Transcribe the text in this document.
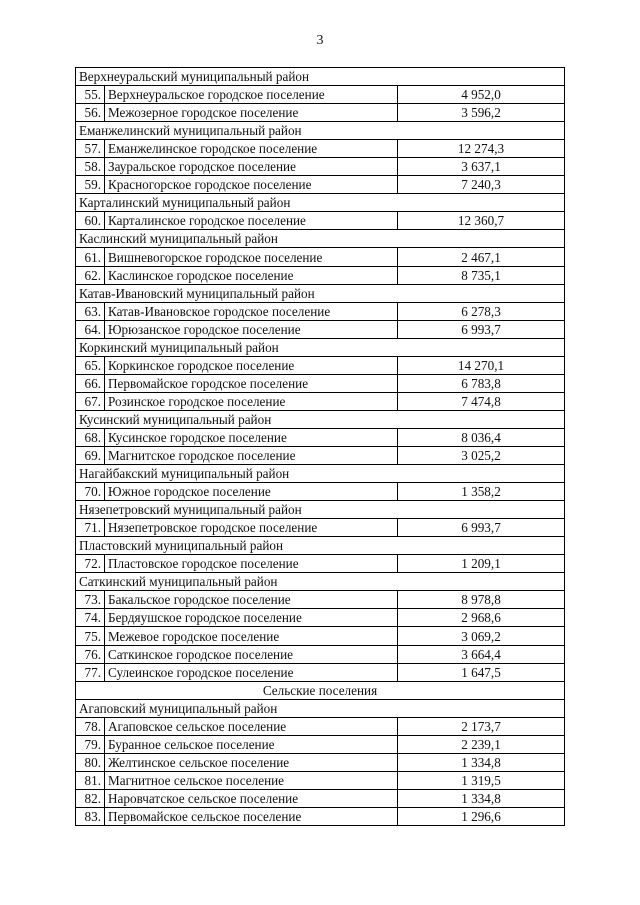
3
Верхнеуральский муниципальный район		
55.	Верхнеуральское городское поселение	4 952,0
56.	Межозерное городское поселение	3 596,2
Еманжелинский муниципальный район		
57.	Еманжелинское городское поселение	12 274,3
58.	Зауральское городское поселение	3 637,1
59.	Красногорское городское поселение	7 240,3
Карталинский муниципальный район		
60.	Карталинское городское поселение	12 360,7
Каслинский муниципальный район		
61.	Вишневогорское городское поселение	2 467,1
62.	Каслинское городское поселение	8 735,1
Катав-Ивановский муниципальный район		
63.	Катав-Ивановское городское поселение	6 278,3
64.	Юрюзанское городское поселение	6 993,7
Коркинский муниципальный район		
65.	Коркинское городское поселение	14 270,1
66.	Первомайское городское поселение	6 783,8
67.	Розинское городское поселение	7 474,8
Кусинский муниципальный район		
68.	Кусинское городское поселение	8 036,4
69.	Магнитское городское поселение	3 025,2
Нагайбакский муниципальный район		
70.	Южное городское поселение	1 358,2
Нязепетровский муниципальный район		
71.	Нязепетровское городское поселение	6 993,7
Пластовский муниципальный район		
72.	Пластовское городское поселение	1 209,1
Саткинский муниципальный район		
73.	Бакальское городское поселение	8 978,8
74.	Бердяушское городское поселение	2 968,6
75.	Межевое городское поселение	3 069,2
76.	Саткинское городское поселение	3 664,4
77.	Сулеинское городское поселение	1 647,5
Сельские поселения		
Агаповский муниципальный район		
78.	Агаповское сельское поселение	2 173,7
79.	Буранное сельское поселение	2 239,1
80.	Желтинское сельское поселение	1 334,8
81.	Магнитное сельское поселение	1 319,5
82.	Наровчатское сельское поселение	1 334,8
83.	Первомайское сельское поселение	1 296,6
